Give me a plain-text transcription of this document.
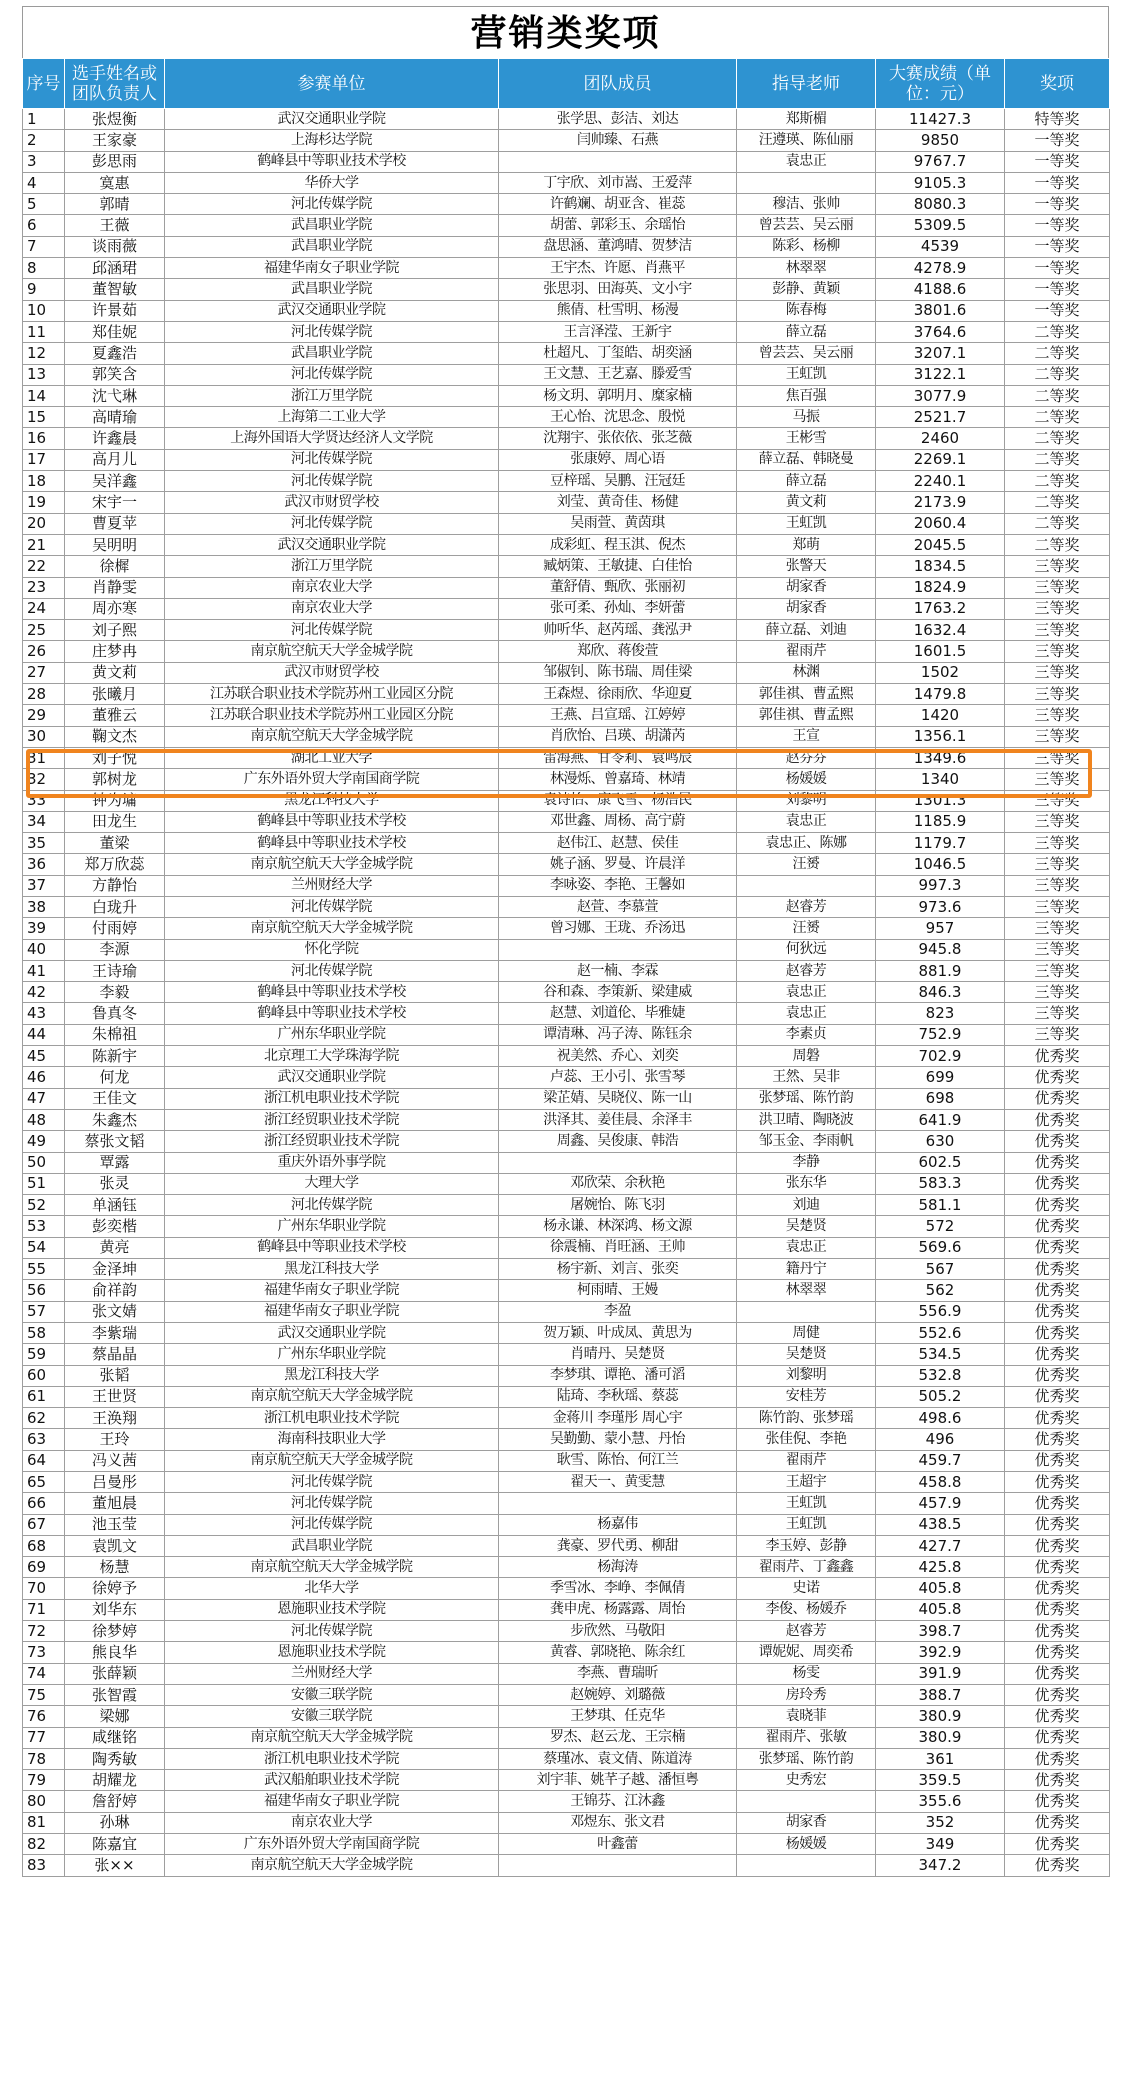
营销类奖项
序号	选手姓名或团队负责人	参赛单位	团队成员	指导老师	大赛成绩（单位：元）	奖项
1	张煜衡	武汉交通职业学院	张学思、彭洁、刘达	郑斯楣	11427.3	特等奖
2	王家豪	上海杉达学院	闫帅臻、石燕	汪遵瑛、陈仙丽	9850	一等奖
3	彭思雨	鹤峰县中等职业技术学校		袁忠正	9767.7	一等奖
4	寞惠	华侨大学	丁宇欣、刘市嵩、王爱萍		9105.3	一等奖
5	郭晴	河北传媒学院	许鹤斓、胡亚含、崔蕊	穆洁、张帅	8080.3	一等奖
6	王薇	武昌职业学院	胡蕾、郭彩玉、余瑶怡	曾芸芸、吴云丽	5309.5	一等奖
7	谈雨薇	武昌职业学院	盘思涵、董鸿晴、贺梦洁	陈彩、杨柳	4539	一等奖
8	邱涵珺	福建华南女子职业学院	王宇杰、许愿、肖燕平	林翠翠	4278.9	一等奖
9	董智敏	武昌职业学院	张思羽、田海英、文小宇	彭静、黄颖	4188.6	一等奖
10	许景茹	武汉交通职业学院	熊倩、杜雪明、杨漫	陈春梅	3801.6	一等奖
11	郑佳妮	河北传媒学院	王言泽滢、王新宇	薛立磊	3764.6	二等奖
12	夏鑫浩	武昌职业学院	杜超凡、丁玺皓、胡奕涵	曾芸芸、吴云丽	3207.1	二等奖
13	郭笑含	河北传媒学院	王文慧、王艺嘉、滕爱雪	王虹凯	3122.1	二等奖
14	沈弋琳	浙江万里学院	杨文玥、郭明月、糜家楠	焦百强	3077.9	二等奖
15	高晴瑜	上海第二工业大学	王心怡、沈思念、殷悦	马振	2521.7	二等奖
16	许鑫晨	上海外国语大学贤达经济人文学院	沈翔宇、张依依、张芝薇	王彬雪	2460	二等奖
17	高月儿	河北传媒学院	张康婷、周心语	薛立磊、韩晓曼	2269.1	二等奖
18	吴洋鑫	河北传媒学院	豆梓瑶、吴鹏、汪冠廷	薛立磊	2240.1	二等奖
19	宋宇一	武汉市财贸学校	刘莹、黄奇佳、杨健	黄文莉	2173.9	二等奖
20	曹夏苹	河北传媒学院	吴雨萱、黄茵琪	王虹凯	2060.4	二等奖
21	吴明明	武汉交通职业学院	成彩虹、程玉淇、倪杰	郑萌	2045.5	二等奖
22	徐樨	浙江万里学院	臧炳策、王敏捷、白佳怡	张警天	1834.5	三等奖
23	肖静雯	南京农业大学	董舒倩、甄欣、张丽初	胡家香	1824.9	三等奖
24	周亦寒	南京农业大学	张可柔、孙灿、李妍蕾	胡家香	1763.2	三等奖
25	刘子熙	河北传媒学院	帅听华、赵芮瑶、龚泓尹	薛立磊、刘迪	1632.4	三等奖
26	庄梦冉	南京航空航天大学金城学院	郑欣、蒋俊萱	翟雨芹	1601.5	三等奖
27	黄文莉	武汉市财贸学校	邹俶钊、陈书瑞、周佳梁	林渊	1502	三等奖
28	张曦月	江苏联合职业技术学院苏州工业园区分院	王森煜、徐雨欣、华迎夏	郭佳祺、曹孟熙	1479.8	三等奖
29	董雅云	江苏联合职业技术学院苏州工业园区分院	王燕、吕宣瑶、江婷婷	郭佳祺、曹孟熙	1420	三等奖
30	鞠文杰	南京航空航天大学金城学院	肖欣怡、吕瑛、胡潇芮	王宣	1356.1	三等奖
31	刘子悦	湖北工业大学	雷海燕、甘苓莉、袁鸣辰	赵芬芬	1349.6	三等奖
32	郭树龙	广东外语外贸大学南国商学院	林漫烁、曾嘉琦、林靖	杨媛媛	1340	三等奖
33	钟为墉	黑龙江科技大学	袁诗怡、康飞雪、杨浩民	刘黎明	1301.3	三等奖
34	田龙生	鹤峰县中等职业技术学校	邓世鑫、周杨、高宁蔚	袁忠正	1185.9	三等奖
35	董梁	鹤峰县中等职业技术学校	赵伟江、赵慧、侯佳	袁忠正、陈娜	1179.7	三等奖
36	郑万欣蕊	南京航空航天大学金城学院	姚子涵、罗曼、许晨洋	汪赟	1046.5	三等奖
37	方静怡	兰州财经大学	李咏姿、李艳、王馨如		997.3	三等奖
38	白珑升	河北传媒学院	赵萱、李慕萱	赵睿芳	973.6	三等奖
39	付雨婷	南京航空航天大学金城学院	曾习娜、王珑、乔汤迅	汪赟	957	三等奖
40	李源	怀化学院		何狄远	945.8	三等奖
41	王诗瑜	河北传媒学院	赵一楠、李霖	赵睿芳	881.9	三等奖
42	李毅	鹤峰县中等职业技术学校	谷和森、李策新、梁建威	袁忠正	846.3	三等奖
43	鲁真冬	鹤峰县中等职业技术学校	赵慧、刘道伦、毕雅婕	袁忠正	823	三等奖
44	朱棉祖	广州东华职业学院	谭清琳、冯子涛、陈钰余	李素贞	752.9	三等奖
45	陈新宇	北京理工大学珠海学院	祝美然、乔心、刘奕	周磐	702.9	优秀奖
46	何龙	武汉交通职业学院	卢蕊、王小引、张雪琴	王然、吴非	699	优秀奖
47	王佳文	浙江机电职业技术学院	梁芷婧、吴晓仪、陈一山	张梦瑶、陈竹韵	698	优秀奖
48	朱鑫杰	浙江经贸职业技术学院	洪泽其、姜佳晨、余泽丰	洪卫晴、陶晓波	641.9	优秀奖
49	蔡张文韬	浙江经贸职业技术学院	周鑫、吴俊康、韩浩	邹玉金、李雨帆	630	优秀奖
50	覃露	重庆外语外事学院		李静	602.5	优秀奖
51	张灵	大理大学	邓欣荣、余秋艳	张东华	583.3	优秀奖
52	单涵钰	河北传媒学院	屠婉怡、陈飞羽	刘迪	581.1	优秀奖
53	彭奕楷	广州东华职业学院	杨永谦、林深鸿、杨文源	吴楚贤	572	优秀奖
54	黄亮	鹤峰县中等职业技术学校	徐震楠、肖旺涵、王帅	袁忠正	569.6	优秀奖
55	金泽坤	黑龙江科技大学	杨宇新、刘言、张奕	籍丹宁	567	优秀奖
56	俞祥韵	福建华南女子职业学院	柯雨晴、王嫚	林翠翠	562	优秀奖
57	张文婧	福建华南女子职业学院	李盈		556.9	优秀奖
58	李紫瑞	武汉交通职业学院	贺万颖、叶成凤、黄思为	周健	552.6	优秀奖
59	蔡晶晶	广州东华职业学院	肖晴丹、吴楚贤	吴楚贤	534.5	优秀奖
60	张韬	黑龙江科技大学	李梦琪、谭艳、潘可滔	刘黎明	532.8	优秀奖
61	王世贤	南京航空航天大学金城学院	陆琦、李秋瑶、蔡蕊	安桂芳	505.2	优秀奖
62	王涣翔	浙江机电职业技术学院	金蒋川 李瑾彤 周心宇	陈竹韵、张梦瑶	498.6	优秀奖
63	王玲	海南科技职业大学	吴勤勤、蒙小慧、丹怡	张佳倪、李艳	496	优秀奖
64	冯义茜	南京航空航天大学金城学院	耿雪、陈怡、何江兰	翟雨芹	459.7	优秀奖
65	吕曼彤	河北传媒学院	翟天一、黄雯慧	王超宇	458.8	优秀奖
66	董旭晨	河北传媒学院		王虹凯	457.9	优秀奖
67	池玉莹	河北传媒学院	杨嘉伟	王虹凯	438.5	优秀奖
68	袁凯文	武昌职业学院	龚豪、罗代勇、柳甜	李玉婷、彭静	427.7	优秀奖
69	杨慧	南京航空航天大学金城学院	杨海涛	翟雨芹、丁鑫鑫	425.8	优秀奖
70	徐婷予	北华大学	季雪冰、李峥、李佩倩	史诺	405.8	优秀奖
71	刘华东	恩施职业技术学院	龚申虎、杨露露、周怡	李俊、杨媛乔	405.8	优秀奖
72	徐梦婷	河北传媒学院	步欣然、马敬阳	赵睿芳	398.7	优秀奖
73	熊良华	恩施职业技术学院	黄睿、郭晓艳、陈余红	谭妮妮、周奕希	392.9	优秀奖
74	张薛颖	兰州财经大学	李燕、曹瑞昕	杨雯	391.9	优秀奖
75	张智霞	安徽三联学院	赵婉婷、刘璐薇	房玲秀	388.7	优秀奖
76	梁娜	安徽三联学院	王梦琪、任克华	袁晓菲	380.9	优秀奖
77	咸继铭	南京航空航天大学金城学院	罗杰、赵云龙、王宗楠	翟雨芹、张敏	380.9	优秀奖
78	陶秀敏	浙江机电职业技术学院	蔡瑾冰、袁文倩、陈道涛	张梦瑶、陈竹韵	361	优秀奖
79	胡耀龙	武汉船舶职业技术学院	刘宇菲、姚芊子越、潘恒粤	史秀宏	359.5	优秀奖
80	詹舒婷	福建华南女子职业学院	王锦芬、江沐鑫		355.6	优秀奖
81	孙琳	南京农业大学	邓煜东、张文君	胡家香	352	优秀奖
82	陈嘉宜	广东外语外贸大学南国商学院	叶鑫蕾	杨媛媛	349	优秀奖
83	张××	南京航空航天大学金城学院			347.2	优秀奖
